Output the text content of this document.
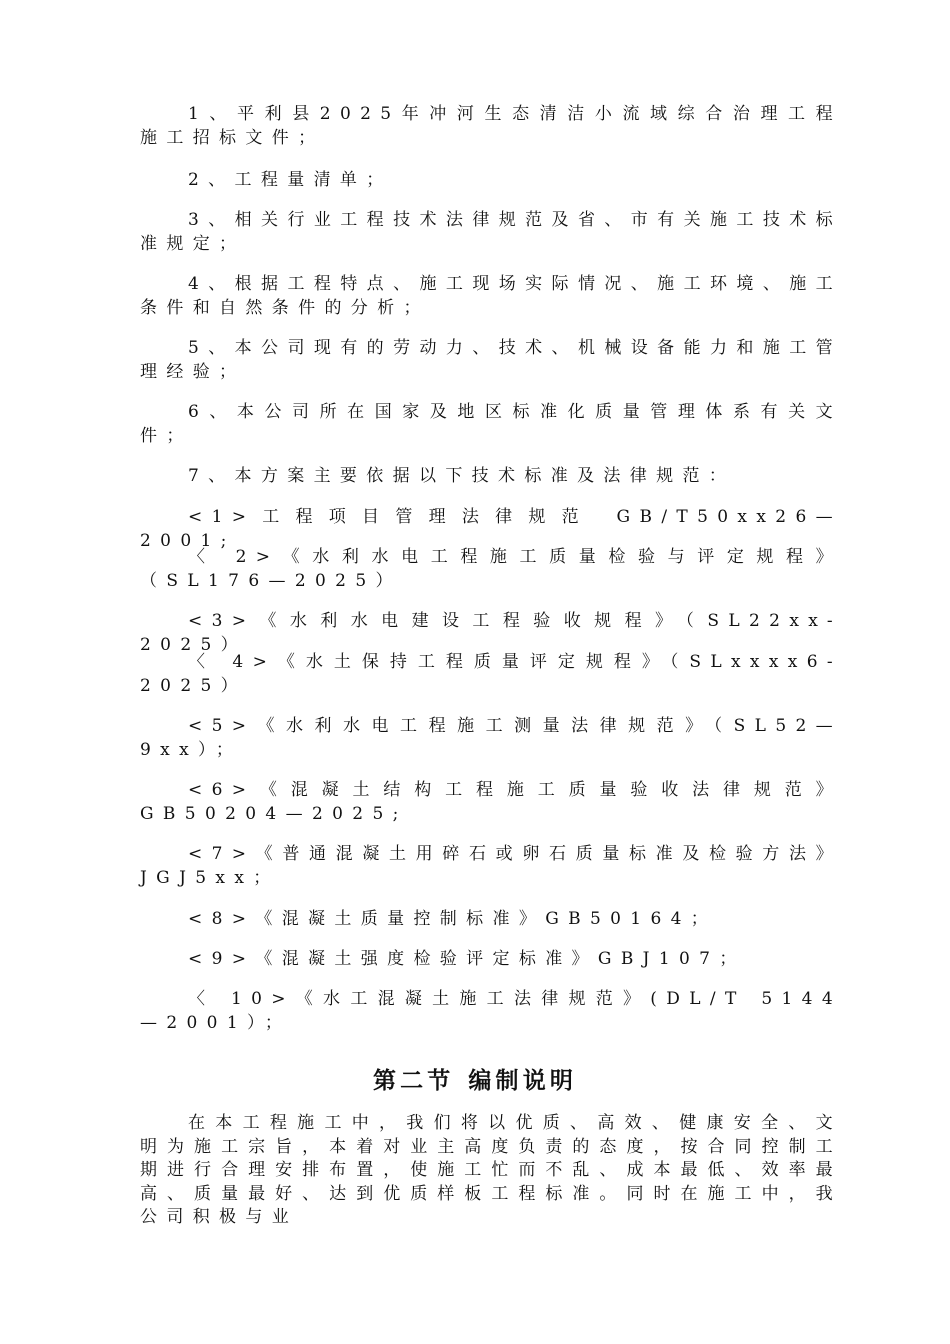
1、平利县2025年冲河生态清洁小流域综合治理工程施工招标文件；

2、工程量清单；

3、相关行业工程技术法律规范及省、市有关施工技术标准规定；

4、根据工程特点、施工现场实际情况、施工环境、施工条件和自然条件的分析；

5、本公司现有的劳动力、技术、机械设备能力和施工管理经验；

6、本公司所在国家及地区标准化质量管理体系有关文件；

7、本方案主要依据以下技术标准及法律规范：

<1>工程项目管理法律规范 GB/T50xx26—2001;

〈 2>《水利水电工程施工质量检验与评定规程》（SL176—2025）

<3>《水利水电建设工程验收规程》（SL22xx-2025）

〈 4>《水土保持工程质量评定规程》（SLxxxx6-2025）

<5>《水利水电工程施工测量法律规范》（SL52—9xx）；

<6>《混凝土结构工程施工质量验收法律规范》GB50204—2025;

<7>《普通混凝土用碎石或卵石质量标准及检验方法》JGJ5xx；

<8>《混凝土质量控制标准》GB50164；

<9>《混凝土强度检验评定标准》GBJ107；

〈 10>《水工混凝土施工法律规范》(DL/T 5144—2001）；

第二节 编制说明

在本工程施工中，我们将以优质、高效、健康安全、文明为施工宗旨，本着对业主高度负责的态度，按合同控制工期进行合理安排布置，使施工忙而不乱、成本最低、效率最高、质量最好、达到优质样板工程标准。同时在施工中，我公司积极与业
